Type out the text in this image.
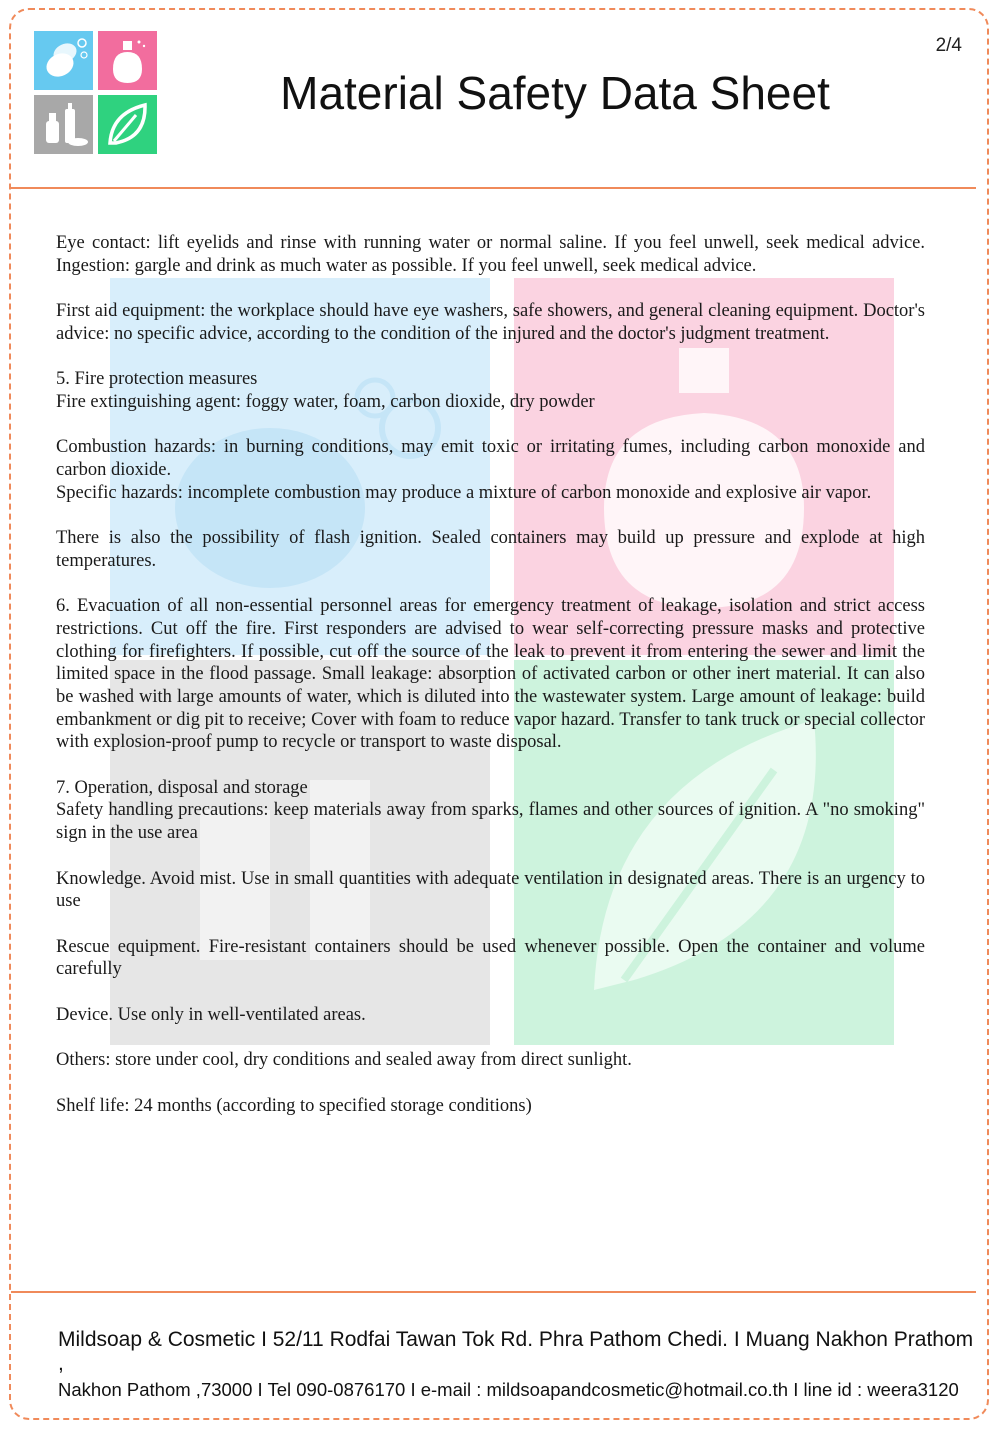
2/4
Material Safety Data Sheet

Eye contact: lift eyelids and rinse with running water or normal saline. If you feel unwell, seek medical advice. Ingestion: gargle and drink as much water as possible. If you feel unwell, seek medical advice.

First aid equipment: the workplace should have eye washers, safe showers, and general cleaning equipment. Doctor's advice: no specific advice, according to the condition of the injured and the doctor's judgment treatment.

5. Fire protection measures

Fire extinguishing agent: foggy water, foam, carbon dioxide, dry powder

Combustion hazards: in burning conditions, may emit toxic or irritating fumes, including carbon monoxide and carbon dioxide.

Specific hazards: incomplete combustion may produce a mixture of carbon monoxide and explosive air vapor.

There is also the possibility of flash ignition. Sealed containers may build up pressure and explode at high temperatures.

6. Evacuation of all non-essential personnel areas for emergency treatment of leakage, isolation and strict access restrictions. Cut off the fire. First responders are advised to wear self-correcting pressure masks and protective clothing for firefighters. If possible, cut off the source of the leak to prevent it from entering the sewer and limit the limited space in the flood passage. Small leakage: absorption of activated carbon or other inert material. It can also be washed with large amounts of water, which is diluted into the wastewater system. Large amount of leakage: build embankment or dig pit to receive; Cover with foam to reduce vapor hazard. Transfer to tank truck or special collector with explosion-proof pump to recycle or transport to waste disposal.

7. Operation, disposal and storage

Safety handling precautions: keep materials away from sparks, flames and other sources of ignition. A "no smoking" sign in the use area

Knowledge. Avoid mist. Use in small quantities with adequate ventilation in designated areas. There is an urgency to use

Rescue equipment. Fire-resistant containers should be used whenever possible. Open the container and volume carefully

Device. Use only in well-ventilated areas.

Others: store under cool, dry conditions and sealed away from direct sunlight.

Shelf life: 24 months (according to specified storage conditions)

Mildsoap & Cosmetic I 52/11 Rodfai Tawan Tok Rd. Phra Pathom Chedi. I Muang Nakhon Prathom ,
Nakhon Pathom ,73000 I Tel 090-0876170 I e-mail : mildsoapandcosmetic@hotmail.co.th I line id : weera3120
